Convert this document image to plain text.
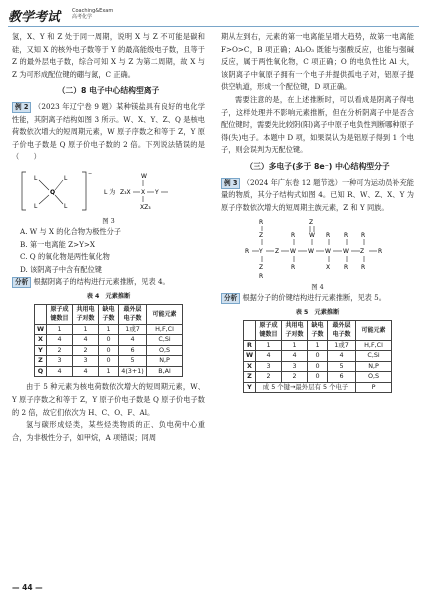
教学考试 Coaching&Exam
高考化学

氢，X、Y 和 Z 处于同一周期，说明 X 与 Z 不可能是碳和硅，又知 X 的核外电子数等于 Y 的最高能级电子数，且等于 Z 的最外层电子数，综合可知 X 与 Z 为第二周期，故 X 与 Z 为可形成配位键的硼与氮，C 正确。

（二）8 电子中心结构型离子

例 2 （2023 年辽宁卷 9 题）某种镁盐具有良好的电化学性能，其阴离子结构如图 3 所示。W、X、Y、Z、Q 是核电荷数依次增大的短周期元素，W 原子序数之和等于 Z，Y 原子价电子数是 Q 原子价电子数的 2 倍。下列说法错误的是（　　）

−
L	L
L	L
Q	L 为 Z₃X X Y
W
XZ₃
图 3

A. W 与 X 的化合物为极性分子

B. 第一电离能 Z>Y>X

C. Q 的氧化物是两性氧化物

D. 该阴离子中含有配位键

分析 根据阴离子的结构进行元素推断，见表 4。

表 4　元素推断
	原子成键数目	共用电子对数	缺电子数	最外层电子数	可能元素
W	1	1	1	1或7	H,F,Cl
X	4	4	0	4	C,Si
Y	2	2	0	6	O,S
Z	3	3	0	5	N,P
Q	4	4	1	4(3+1)	B,Al

由于 5 种元素为核电荷数依次增大的短周期元素，W、Y 原子序数之和等于 Z，Y 原子价电子数是 Q 原子价电子数的 2 倍，故它们依次为 H、C、O、F、Al。

氢与碳形成烃类，某些烃类物质的正、负电荷中心重合，为非极性分子，如甲烷，A 项错误；同周

期从左到右，元素的第一电离能呈增大趋势，故第一电离能 F>O>C，B 项正确；Al₂O₃ 既能与强酸反应，也能与强碱反应，属于两性氧化物，C 项正确；O 的电负性比 Al 大，该阴离子中氧原子拥有一个电子并提供孤电子对，铝原子提供空轨道，形成一个配位键，D 项正确。

需要注意的是，在上述推断时，可以看成是阴离子得电子，这样处理并不影响元素推断，但在分析阴离子中是否含配位键时，需要先比较阴(阳)离子中原子电负性判断哪种原子得(失)电子。本题中 D 项，如果误认为是铝原子得到 1 个电子，则会误判为无配位键。

（三）多电子(多于 8e⁻) 中心结构型分子

例 3 （2024 年广东卷 12 题节选）一种可为运动员补充能量的物质，其分子结构式如图 4。已知 R、W、Z、X、Y 为原子序数依次增大的短周期主族元素，Z 和 Y 同族。

R Y Z W W W W Z R
Z
R
Z
R
R
R
W
Z
R
X
R
R
R
R
图 4

分析 根据分子的价键结构进行元素推断，见表 5。

表 5　元素推断
	原子成键数目	共用电子对数	缺电子数	最外层电子数	可能元素
R	1	1	1	1或7	H,F,Cl
W	4	4	0	4	C,Si
X	3	3	0	5	N,P
Z	2	2	0	6	O,S
Y	成 5 个键→最外层有 5 个电子				P
— 44 —
